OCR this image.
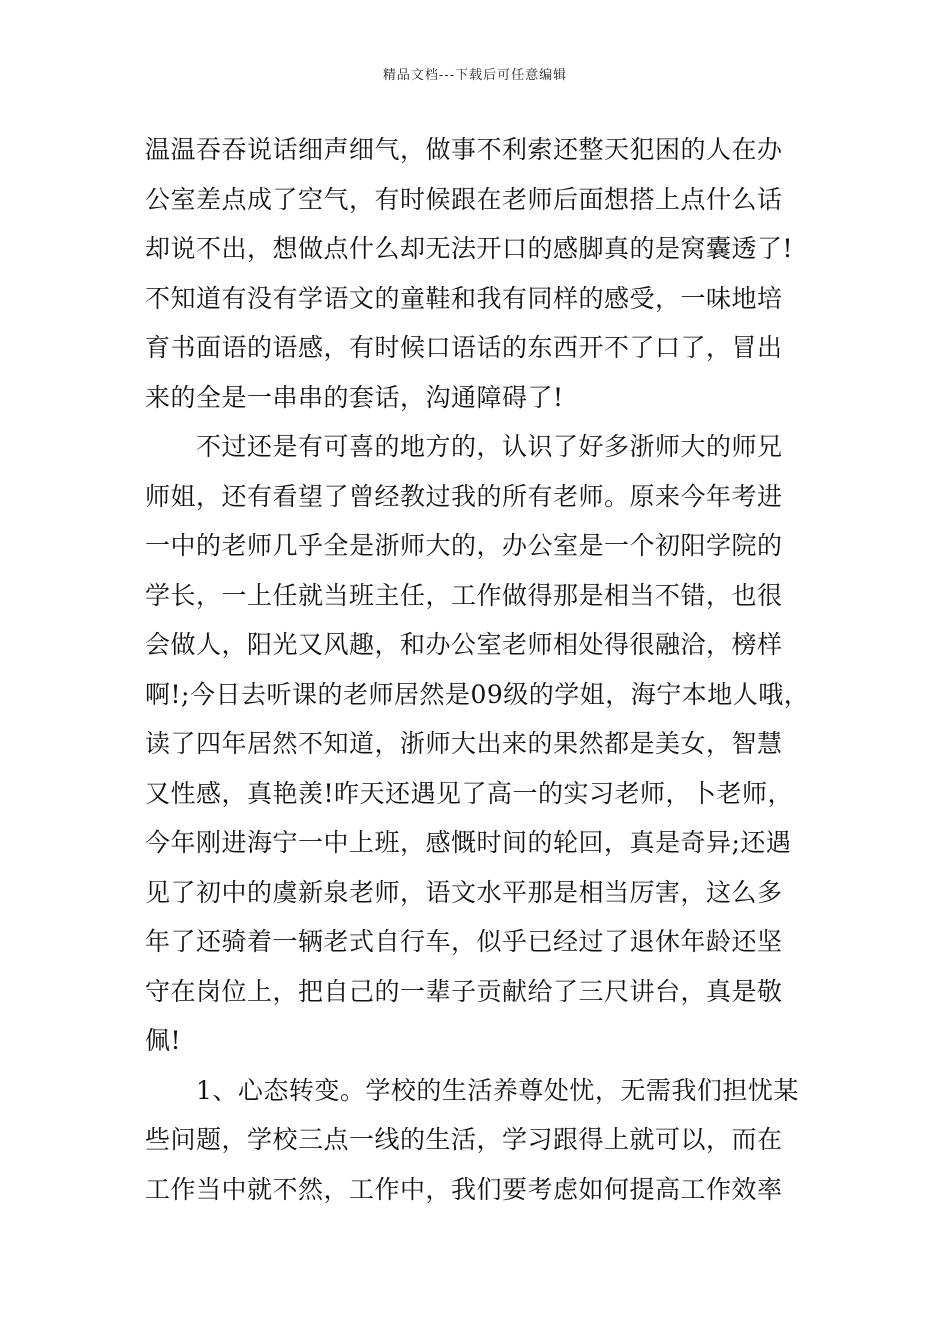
精品文档---下载后可任意编辑
温温吞吞说话细声细气，做事不利索还整天犯困的人在办
公室差点成了空气，有时候跟在老师后面想搭上点什么话
却说不出，想做点什么却无法开口的感脚真的是窝囊透了!
不知道有没有学语文的童鞋和我有同样的感受，一味地培
育书面语的语感，有时候口语话的东西开不了口了，冒出
来的全是一串串的套话，沟通障碍了!
　　不过还是有可喜的地方的，认识了好多浙师大的师兄
师姐，还有看望了曾经教过我的所有老师。原来今年考进
一中的老师几乎全是浙师大的，办公室是一个初阳学院的
学长，一上任就当班主任，工作做得那是相当不错，也很
会做人，阳光又风趣，和办公室老师相处得很融洽，榜样
啊!;今日去听课的老师居然是09级的学姐，海宁本地人哦，
读了四年居然不知道，浙师大出来的果然都是美女，智慧
又性感，真艳羡!昨天还遇见了高一的实习老师，卜老师，
今年刚进海宁一中上班，感慨时间的轮回，真是奇异;还遇
见了初中的虞新泉老师，语文水平那是相当厉害，这么多
年了还骑着一辆老式自行车，似乎已经过了退休年龄还坚
守在岗位上，把自己的一辈子贡献给了三尺讲台，真是敬
佩!
　　1、心态转变。学校的生活养尊处忧，无需我们担忧某
些问题，学校三点一线的生活，学习跟得上就可以，而在
工作当中就不然，工作中，我们要考虑如何提高工作效率
